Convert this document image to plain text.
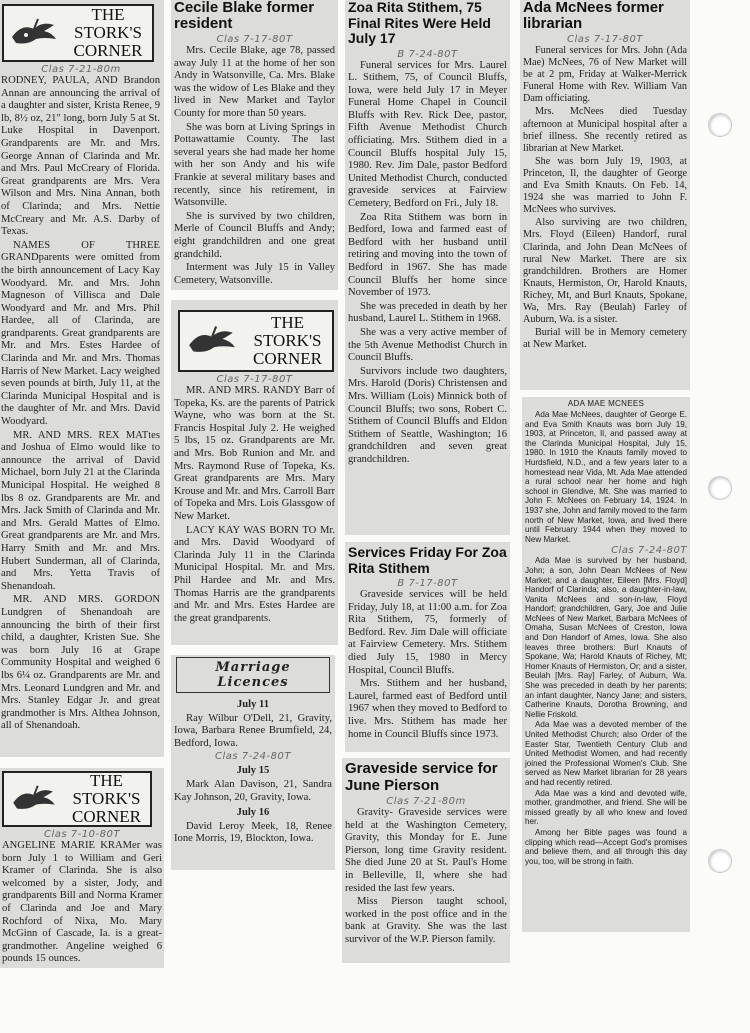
THE STORK'S CORNER
Clas 7-21-80m

RODNEY, PAULA, AND Brandon Annan are announcing the arrival of a daughter and sister, Krista Renee, 9 lb, 8½ oz, 21" long, born July 5 at St. Luke Hospital in Davenport. Grandparents are Mr. and Mrs. George Annan of Clarinda and Mr. and Mrs. Paul McCreary of Florida. Great grandparents are Mrs. Vera Wilson and Mrs. Nina Annan, both of Clarinda; and Mrs. Nettie McCreary and Mr. A.S. Darby of Texas.

NAMES OF THREE GRANDparents were omitted from the birth announcement of Lacy Kay Woodyard. Mr. and Mrs. John Magneson of Villisca and Dale Woodyard and Mr. and Mrs. Phil Hardee, all of Clarinda, are grandparents. Great grandparents are Mr. and Mrs. Estes Hardee of Clarinda and Mr. and Mrs. Thomas Harris of New Market. Lacy weighed seven pounds at birth, July 11, at the Clarinda Municipal Hospital and is the daughter of Mr. and Mrs. David Woodyard.

MR. AND MRS. REX MATtes and Joshua of Elmo would like to announce the arrival of David Michael, born July 21 at the Clarinda Municipal Hospital. He weighed 8 lbs 8 oz. Grandparents are Mr. and Mrs. Jack Smith of Clarinda and Mr. and Mrs. Gerald Mattes of Elmo. Great grandparents are Mr. and Mrs. Harry Smith and Mr. and Mrs. Hubert Sunderman, all of Clarinda, and Mrs. Yetta Travis of Shenandoah.

MR. AND MRS. GORDON Lundgren of Shenandoah are announcing the birth of their first child, a daughter, Kristen Sue. She was born July 16 at Grape Community Hospital and weighed 6 lbs 6¼ oz. Grandparents are Mr. and Mrs. Leonard Lundgren and Mr. and Mrs. Stanley Edgar Jr. and great grandmother is Mrs. Althea Johnson, all of Shenandoah.

THE STORK'S CORNER
Clas 7-10-80T

ANGELINE MARIE KRAMer was born July 1 to William and Geri Kramer of Clarinda. She is also welcomed by a sister, Jody, and grandparents Bill and Norma Kramer of Clarinda and Joe and Mary Rochford of Nixa, Mo. Mary McGinn of Cascade, Ia. is a great-grandmother. Angeline weighed 6 pounds 15 ounces.

Cecile Blake former resident
Clas 7-17-80T

Mrs. Cecile Blake, age 78, passed away July 11 at the home of her son Andy in Watsonville, Ca. Mrs. Blake was the widow of Les Blake and they lived in New Market and Taylor County for more than 50 years.

She was born at Living Springs in Pottawattamie County. The last several years she had made her home with her son Andy and his wife Frankie at several military bases and recently, since his retirement, in Watsonville.

She is survived by two children, Merle of Council Bluffs and Andy; eight grandchildren and one great grandchild.

Interment was July 15 in Valley Cemetery, Watsonville.

THE STORK'S CORNER
Clas 7-17-80T

MR. AND MRS. RANDY Barr of Topeka, Ks. are the parents of Patrick Wayne, who was born at the St. Francis Hospital July 2. He weighed 5 lbs, 15 oz. Grandparents are Mr. and Mrs. Bob Runion and Mr. and Mrs. Raymond Ruse of Topeka, Ks. Great grandparents are Mrs. Mary Krouse and Mr. and Mrs. Carroll Barr of Topeka and Mrs. Lois Glassgow of New Market.

LACY KAY WAS BORN TO Mr. and Mrs. David Woodyard of Clarinda July 11 in the Clarinda Municipal Hospital. Mr. and Mrs. Phil Hardee and Mr. and Mrs. Thomas Harris are the grandparents and Mr. and Mrs. Estes Hardee are the great grandparents.

Marriage Licences
July 11

Ray Wilbur O'Dell, 21, Gravity, Iowa, Barbara Renee Brumfield, 24, Bedford, Iowa.

Clas 7-24-80T
July 15

Mark Alan Davison, 21, Sandra Kay Johnson, 20, Gravity, Iowa.

July 16

David Leroy Meek, 18, Renee Ione Morris, 19, Blockton, Iowa.

Zoa Rita Stithem, 75 Final Rites Were Held July 17
B 7-24-80T

Funeral services for Mrs. Laurel L. Stithem, 75, of Council Bluffs, Iowa, were held July 17 in Meyer Funeral Home Chapel in Council Bluffs with Rev. Rick Dee, pastor, Fifth Avenue Methodist Church officiating. Mrs. Stithem died in a Council Bluffs hospital July 15, 1980. Rev. Jim Dale, pastor Bedford United Methodist Church, conducted graveside services at Fairview Cemetery, Bedford on Fri., July 18.

Zoa Rita Stithem was born in Bedford, Iowa and farmed east of Bedford with her husband until retiring and moving into the town of Bedford in 1967. She has made Council Bluffs her home since November of 1973.

She was preceded in death by her husband, Laurel L. Stithem in 1968.

She was a very active member of the 5th Avenue Methodist Church in Council Bluffs.

Survivors include two daughters, Mrs. Harold (Doris) Christensen and Mrs. William (Lois) Minnick both of Council Bluffs; two sons, Robert C. Stithem of Council Bluffs and Eldon Stithem of Seattle, Washington; 16 grandchildren and seven great grandchildren.

Services Friday For Zoa Rita Stithem
B 7-17-80T

Graveside services will be held Friday, July 18, at 11:00 a.m. for Zoa Rita Stithem, 75, formerly of Bedford. Rev. Jim Dale will officiate at Fairview Cemetery. Mrs. Stithem died July 15, 1980 in Mercy Hospital, Council Bluffs.

Mrs. Stithem and her husband, Laurel, farmed east of Bedford until 1967 when they moved to Bedford to live. Mrs. Stithem has made her home in Council Bluffs since 1973.

Graveside service for June Pierson
Clas 7-21-80m

Gravity- Graveside services were held at the Washington Cemetery, Gravity, this Monday for E. June Pierson, long time Gravity resident. She died June 20 at St. Paul's Home in Belleville, Il, where she had resided the last few years.

Miss Pierson taught school, worked in the post office and in the bank at Gravity. She was the last survivor of the W.P. Pierson family.

Ada McNees former librarian
Clas 7-17-80T

Funeral services for Mrs. John (Ada Mae) McNees, 76 of New Market will be at 2 pm, Friday at Walker-Merrick Funeral Home with Rev. William Van Dam officiating.

Mrs. McNees died Tuesday afternoon at Municipal hospital after a brief illness. She recently retired as librarian at New Market.

She was born July 19, 1903, at Princeton, Il, the daughter of George and Eva Smith Knauts. On Feb. 14, 1924 she was married to John F. McNees who survives.

Also surviving are two children, Mrs. Floyd (Eileen) Handorf, rural Clarinda, and John Dean McNees of rural New Market. There are six grandchildren. Brothers are Homer Knauts, Hermiston, Or, Harold Knauts, Richey, Mt, and Burl Knauts, Spokane, Wa, Mrs. Ray (Beulah) Farley of Auburn, Wa. is a sister.

Burial will be in Memory cemetery at New Market.

ADA MAE MCNEES

Ada Mae McNees, daughter of George E. and Eva Smith Knauts was born July 19, 1903, at Princeton, Il, and passed away at the Clarinda Municipal Hospital, July 15, 1980. In 1910 the Knauts family moved to Hurdsfield, N.D., and a few years later to a homestead near Vida, Mt. Ada Mae attended a rural school near her home and high school in Glendive, Mt. She was married to John F. McNees on February 14, 1924. In 1937 she, John and family moved to the farm north of New Market, Iowa, and lived there until February 1944 when they moved to New Market.

Clas 7-24-80T

Ada Mae is survived by her husband, John; a son, John Dean McNees of New Market; and a daughter, Eileen [Mrs. Floyd] Handorf of Clarinda; also, a daughter-in-law, Vanita McNees and son-in-law, Floyd Handorf; grandchildren, Gary, Joe and Julie McNees of New Market, Barbara McNees of Omaha, Susan McNees of Creston, Iowa and Don Handorf of Ames, Iowa. She also leaves three brothers: Burl Knauts of Spokane, Wa; Harold Knauts of Richey, Mt; Homer Knauts of Hermiston, Or; and a sister, Beulah [Mrs. Ray] Farley, of Auburn, Wa. She was preceded in death by her parents; an infant daughter, Nancy Jane; and sisters, Catherine Knauts, Dorotha Browning, and Nellie Friskold.

Ada Mae was a devoted member of the United Methodist Church; also Order of the Easter Star, Twentieth Century Club and United Methodist Women, and had recently joined the Professional Women's Club. She served as New Market librarian for 28 years and had recently retired.

Ada Mae was a kind and devoted wife, mother, grandmother, and friend. She will be missed greatly by all who knew and loved her.

Among her Bible pages was found a clipping which read—Accept God's promises and believe them, and all through this day you, too, will be strong in faith.
